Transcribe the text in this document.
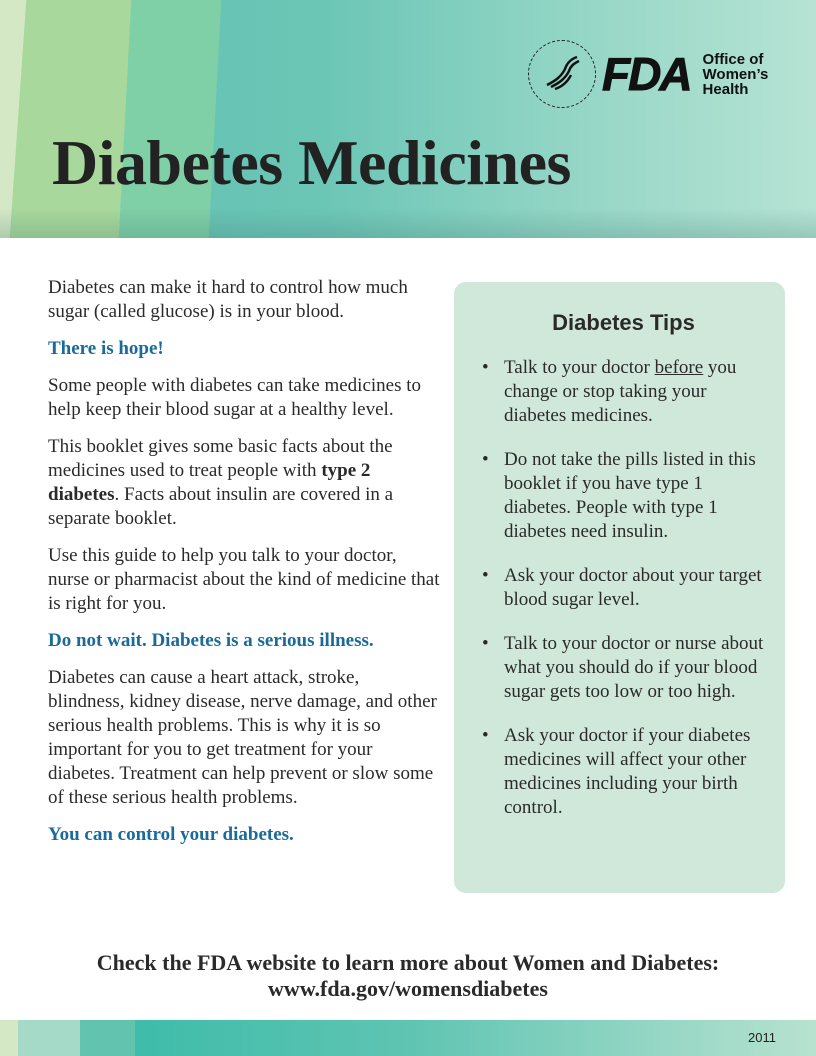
FDA Office of
Women’s
Health
Diabetes Medicines

Diabetes can make it hard to control how much sugar (called glucose) is in your blood.

There is hope!

Some people with diabetes can take medicines to help keep their blood sugar at a healthy level.

This booklet gives some basic facts about the medicines used to treat people with type 2 diabetes. Facts about insulin are covered in a separate booklet.

Use this guide to help you talk to your doctor, nurse or pharmacist about the kind of medicine that is right for you.

Do not wait. Diabetes is a serious illness.

Diabetes can cause a heart attack, stroke, blindness, kidney disease, nerve damage, and other serious health problems. This is why it is so important for you to get treatment for your diabetes. Treatment can help prevent or slow some of these serious health problems.

You can control your diabetes.

Diabetes Tips
• Talk to your doctor before you change or stop taking your diabetes medicines.
• Do not take the pills listed in this booklet if you have type 1 diabetes. People with type 1 diabetes need insulin.
• Ask your doctor about your target blood sugar level.
• Talk to your doctor or nurse about what you should do if your blood sugar gets too low or too high.
• Ask your doctor if your diabetes medicines will affect your other medicines including your birth control.
Check the FDA website to learn more about Women and Diabetes:
www.fda.gov/womensdiabetes
2011
